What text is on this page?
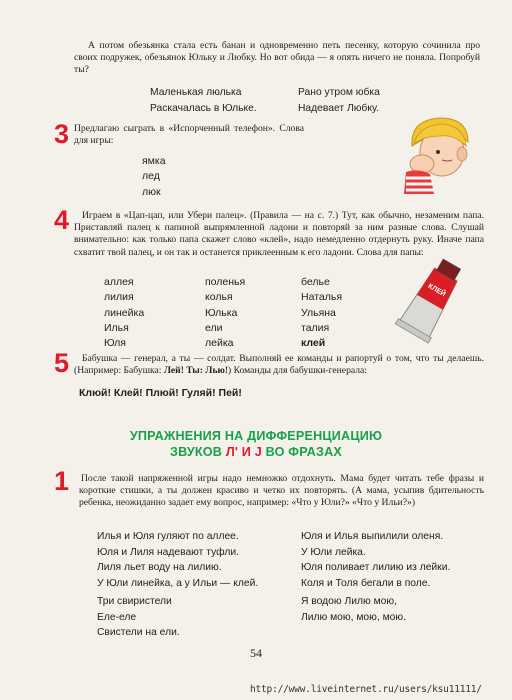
А потом обезьянка стала есть банан и одновременно петь песенку, которую сочинила про своих подружек, обезьянок Юльку и Любку. Но вот обида — я опять ничего не поняла. Попробуй ты?
Маленькая люлька
Раскачалась в Юльке.
Рано утром юбка
Надевает Любку.
3 Предлагаю сыграть в «Испорченный телефон». Слова для игры:
ямка
лед
люк
4	Играем в «Цап-цап, или Убери палец». (Правила — на с. 7.) Тут, как обычно, незаменим папа. Приставляй палец к папиной выпрямленной ладони и повторяй за ним разные слова. Слушай внимательно: как только папа скажет слово «клей», надо немедленно отдернуть руку. Иначе папа схватит твой палец, и он так и останется приклеенным к его ладони. Слова для папы:
аллея
лилия
линейка
Илья
Юля
поленья
колья
Юлька
ели
лейка
белье
Наталья
Ульяна
талия
клей
КЛЕЙ
5	Бабушка — генерал, а ты — солдат. Выполняй ее команды и рапортуй о том, что ты делаешь. (Например: Бабушка: Лей! Ты: Лью!) Команды для бабушки-генерала:
Клюй! Клей! Плюй! Гуляй! Пей!
УПРАЖНЕНИЯ НА ДИФФЕРЕНЦИАЦИЮ
ЗВУКОВ Л' И J ВО ФРАЗАХ
1 После такой напряженной игры надо немножко отдохнуть. Мама будет читать тебе фразы и короткие стишки, а ты должен красиво и четко их повторять. (А мама, усыпив бдительность ребенка, неожиданно задает ему вопрос, например: «Что у Юли?» «Что у Ильи?»)
Илья и Юля гуляют по аллее.
Юля и Лиля надевают туфли.
Лиля льет воду на лилию.
У Юли линейка, а у Ильи — клей.
Юля и Илья выпилили оленя.
У Юли лейка.
Юля поливает лилию из лейки.
Коля и Толя бегали в поле.
Три свиристели
Еле-еле
Свистели на ели.
Я водою Лилю мою,
Лилю мою, мою, мою.
54
http://www.liveinternet.ru/users/ksu11111/
